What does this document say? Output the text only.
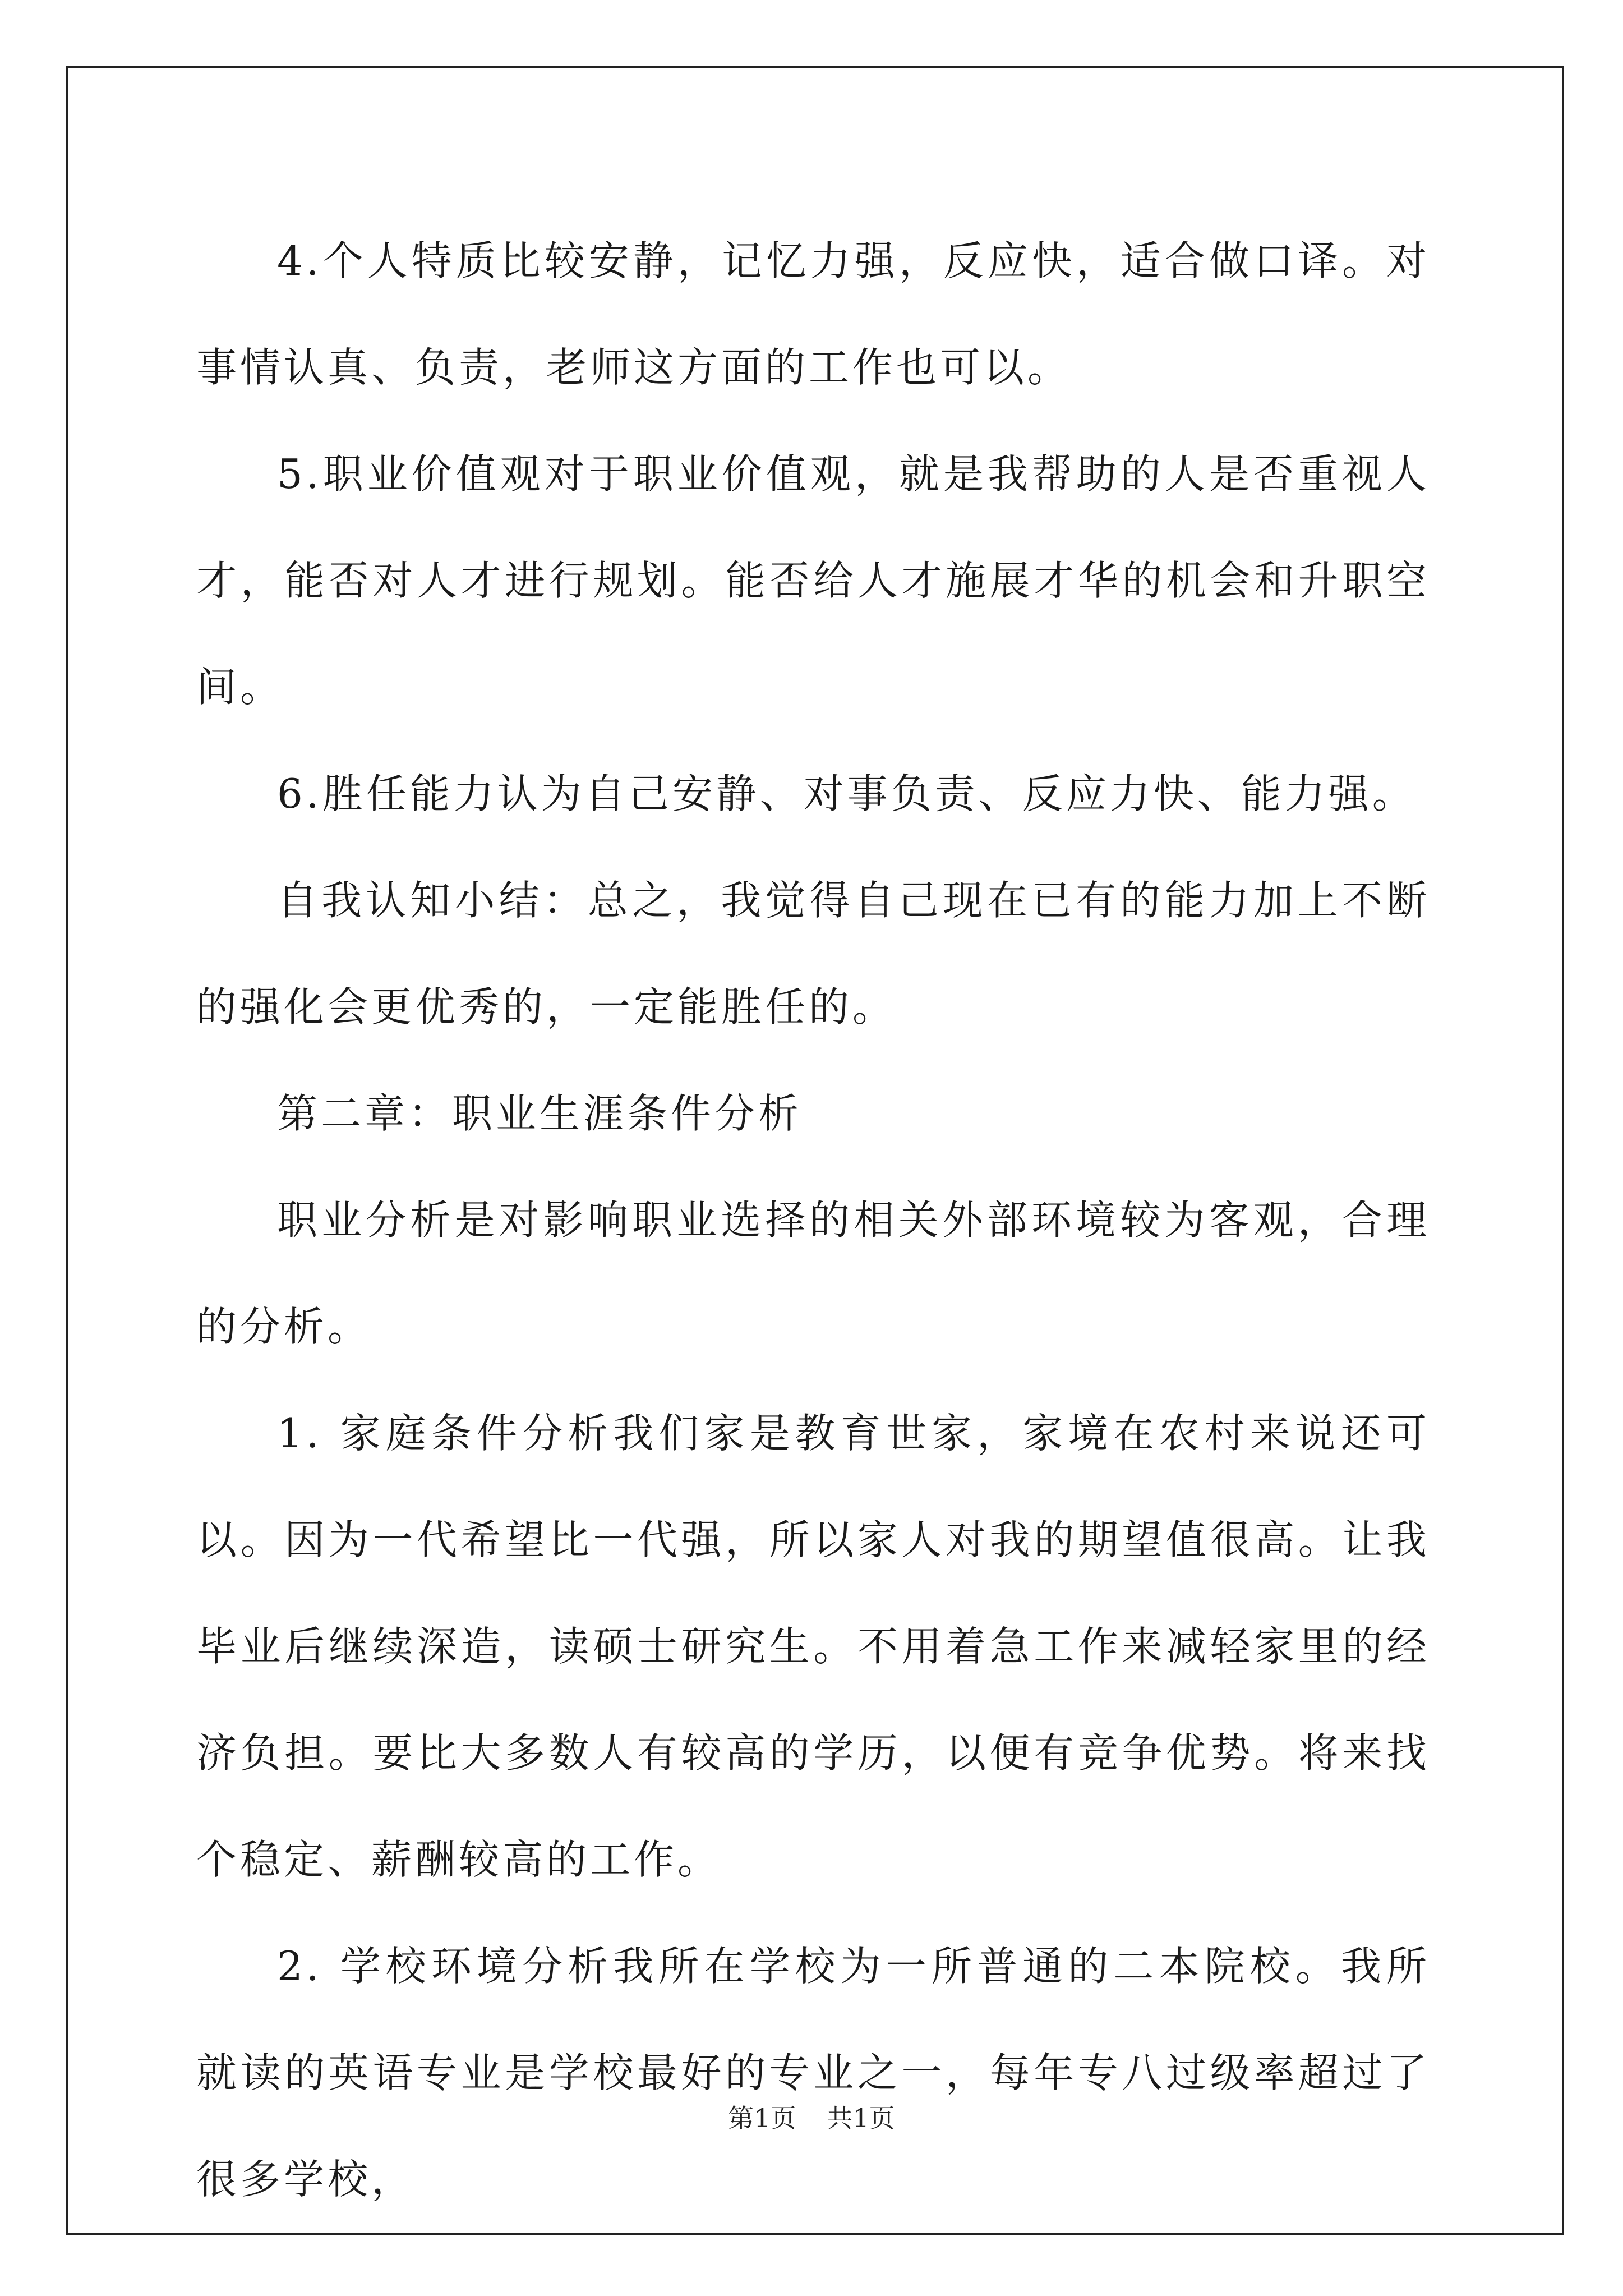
4.个人特质比较安静，记忆力强，反应快，适合做口译。对事情认真、负责，老师这方面的工作也可以。

5.职业价值观对于职业价值观，就是我帮助的人是否重视人才，能否对人才进行规划。能否给人才施展才华的机会和升职空间。

6.胜任能力认为自己安静、对事负责、反应力快、能力强。

自我认知小结：总之，我觉得自己现在已有的能力加上不断的强化会更优秀的，一定能胜任的。

第二章：职业生涯条件分析

职业分析是对影响职业选择的相关外部环境较为客观，合理的分析。

1. 家庭条件分析我们家是教育世家，家境在农村来说还可以。因为一代希望比一代强，所以家人对我的期望值很高。让我毕业后继续深造，读硕士研究生。不用着急工作来减轻家里的经济负担。要比大多数人有较高的学历，以便有竞争优势。将来找个稳定、薪酬较高的工作。

2. 学校环境分析我所在学校为一所普通的二本院校。我所就读的英语专业是学校最好的专业之一，每年专八过级率超过了很多学校，

第1页 共1页
